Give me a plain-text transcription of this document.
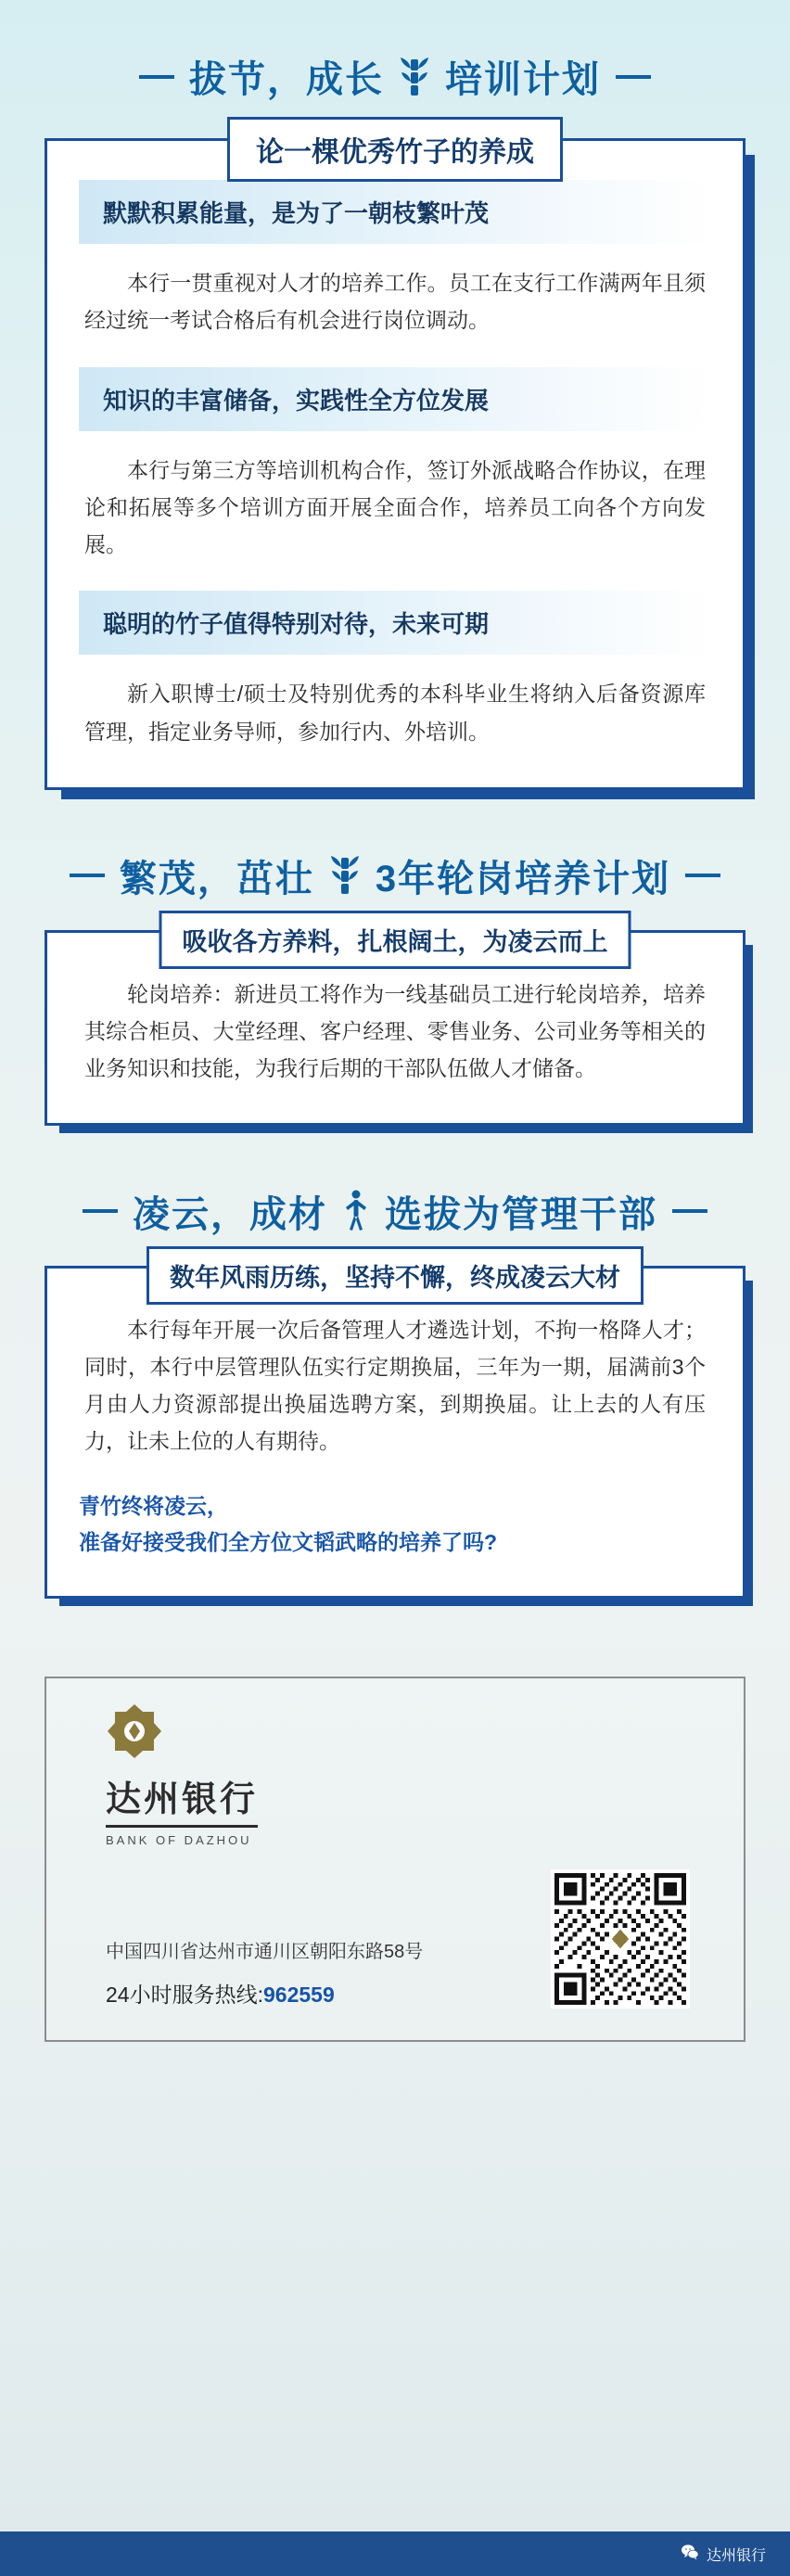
拔节，成长 培训计划
论一棵优秀竹子的养成
默默积累能量，是为了一朝枝繁叶茂
本行一贯重视对人才的培养工作。员工在支行工作满两年且须经过统一考试合格后有机会进行岗位调动。
知识的丰富储备，实践性全方位发展
本行与第三方等培训机构合作，签订外派战略合作协议，在理论和拓展等多个培训方面开展全面合作，培养员工向各个方向发展。
聪明的竹子值得特别对待，未来可期
新入职博士/硕士及特别优秀的本科毕业生将纳入后备资源库管理，指定业务导师，参加行内、外培训。
繁茂，茁壮 3年轮岗培养计划
吸收各方养料，扎根阔土，为凌云而上
轮岗培养：新进员工将作为一线基础员工进行轮岗培养，培养其综合柜员、大堂经理、客户经理、零售业务、公司业务等相关的业务知识和技能，为我行后期的干部队伍做人才储备。
凌云，成材 选拔为管理干部
数年风雨历练，坚持不懈，终成凌云大材
本行每年开展一次后备管理人才遴选计划，不拘一格降人才；同时，本行中层管理队伍实行定期换届，三年为一期，届满前3个月由人力资源部提出换届选聘方案，到期换届。让上去的人有压力，让未上位的人有期待。
青竹终将凌云，
准备好接受我们全方位文韬武略的培养了吗?
达州银行
BANK OF DAZHOU
中国四川省达州市通川区朝阳东路58号
24小时服务热线:962559
达州银行
